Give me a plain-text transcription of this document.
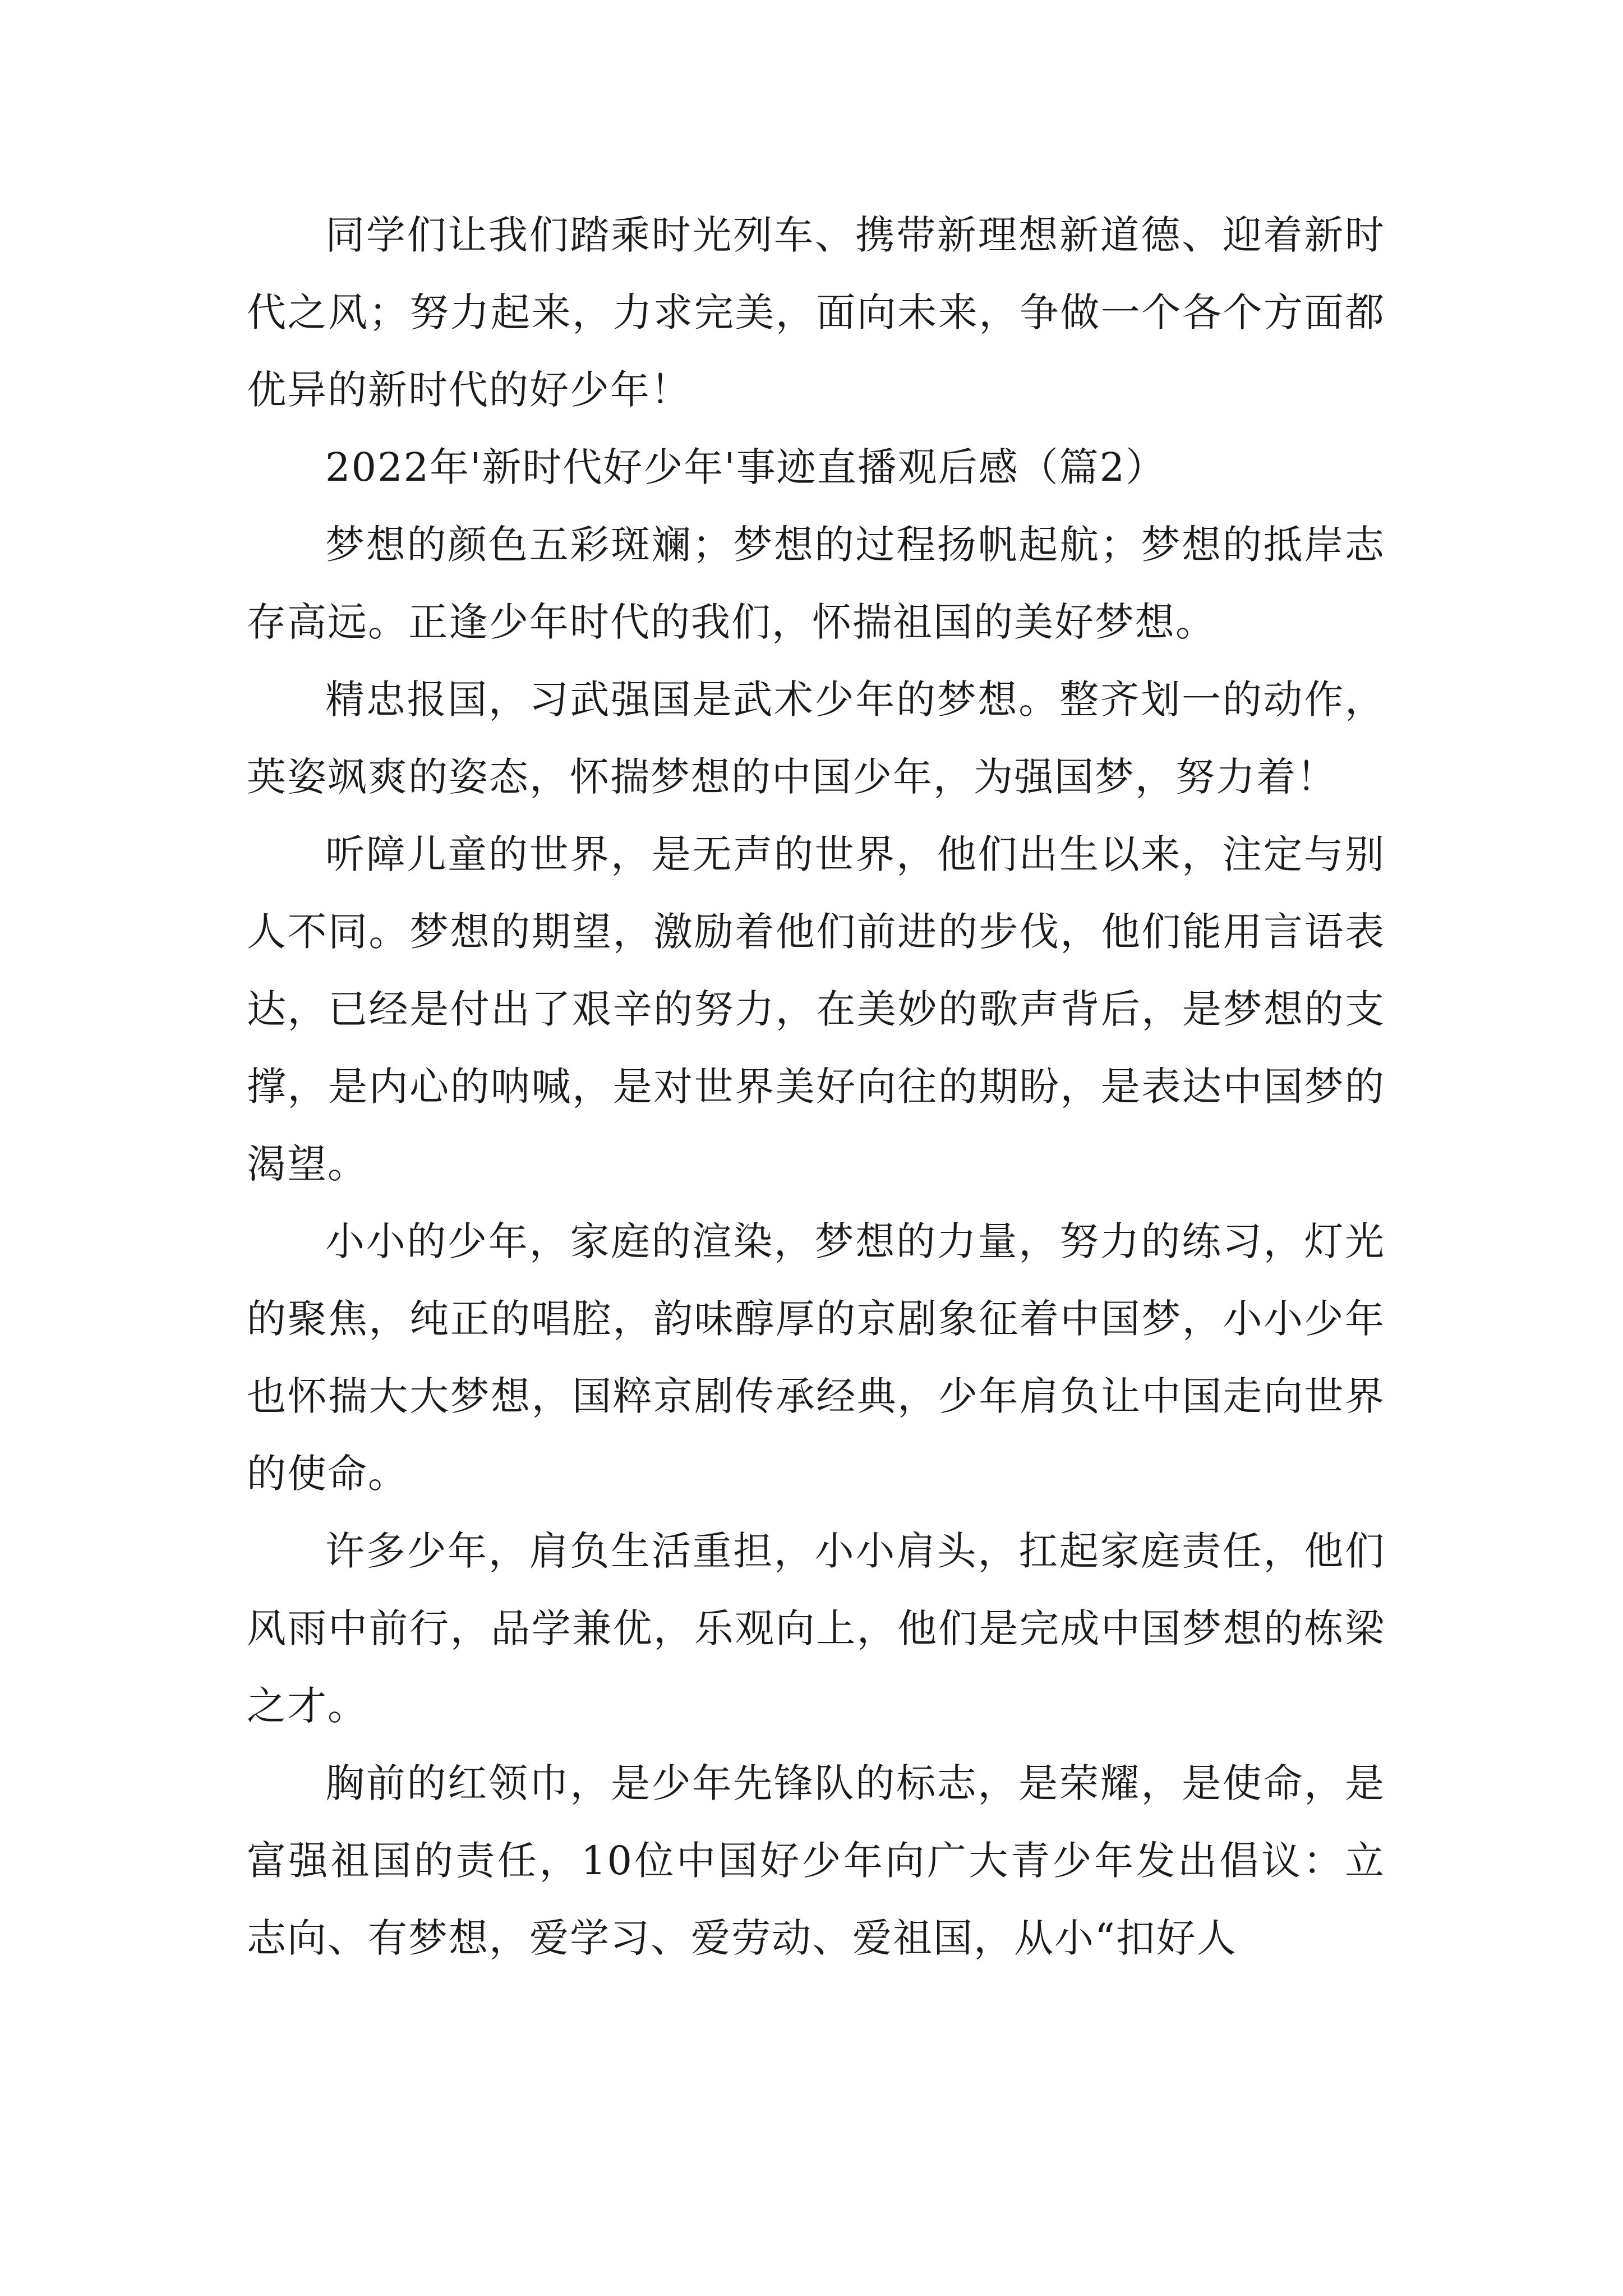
同学们让我们踏乘时光列车、携带新理想新道德、迎着新时代之风；努力起来，力求完美，面向未来，争做一个各个方面都优异的新时代的好少年！

2022年'新时代好少年'事迹直播观后感（篇2）

梦想的颜色五彩斑斓；梦想的过程扬帆起航；梦想的抵岸志存高远。正逢少年时代的我们，怀揣祖国的美好梦想。

精忠报国，习武强国是武术少年的梦想。整齐划一的动作，英姿飒爽的姿态，怀揣梦想的中国少年，为强国梦，努力着！

听障儿童的世界，是无声的世界，他们出生以来，注定与别人不同。梦想的期望，激励着他们前进的步伐，他们能用言语表达，已经是付出了艰辛的努力，在美妙的歌声背后，是梦想的支撑，是内心的呐喊，是对世界美好向往的期盼，是表达中国梦的渴望。

小小的少年，家庭的渲染，梦想的力量，努力的练习，灯光的聚焦，纯正的唱腔，韵味醇厚的京剧象征着中国梦，小小少年也怀揣大大梦想，国粹京剧传承经典，少年肩负让中国走向世界的使命。

许多少年，肩负生活重担，小小肩头，扛起家庭责任，他们风雨中前行，品学兼优，乐观向上，他们是完成中国梦想的栋梁之才。

胸前的红领巾，是少年先锋队的标志，是荣耀，是使命，是富强祖国的责任，10位中国好少年向广大青少年发出倡议：立志向、有梦想，爱学习、爱劳动、爱祖国，从小“扣好人
